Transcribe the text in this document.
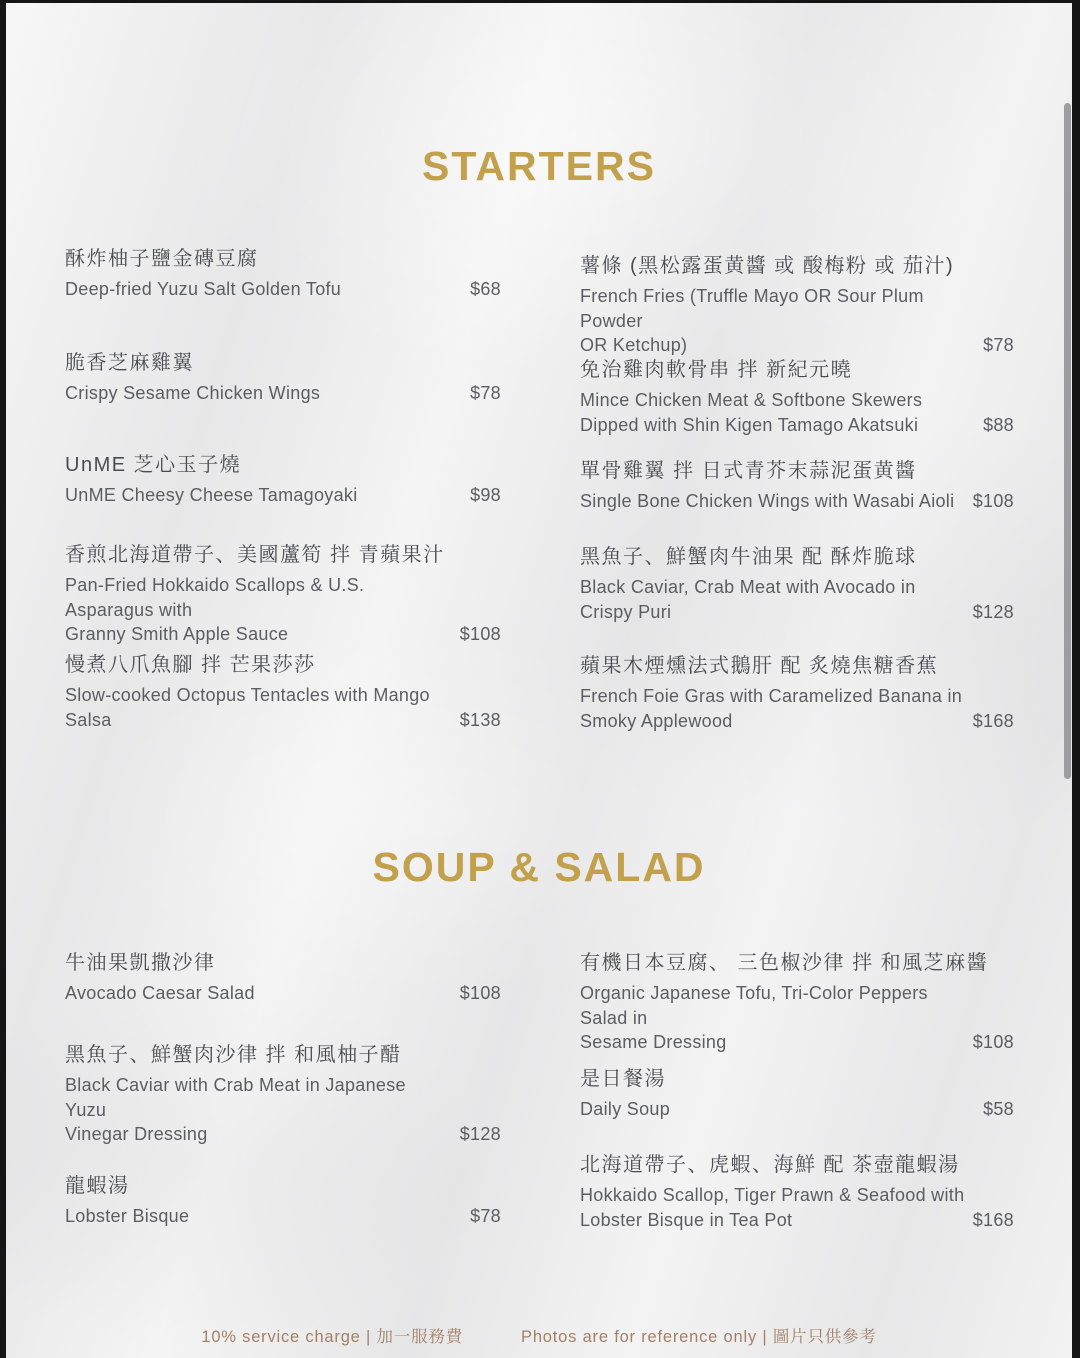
STARTERS
酥炸柚子鹽金磚豆腐
Deep-fried Yuzu Salt Golden Tofu	$68
脆香芝麻雞翼
Crispy Sesame Chicken Wings	$78
UnME 芝心玉子燒
UnME Cheesy Cheese Tamagoyaki	$98
香煎北海道帶子、美國蘆筍 拌 青蘋果汁
Pan-Fried Hokkaido Scallops & U.S. Asparagus with
Granny Smith Apple Sauce	$108
慢煮八爪魚腳 拌 芒果莎莎
Slow-cooked Octopus Tentacles with Mango
Salsa	$138
薯條 (黑松露蛋黄醬 或 酸梅粉 或 茄汁)
French Fries (Truffle Mayo OR Sour Plum Powder
OR Ketchup)	$78
免治雞肉軟骨串 拌 新紀元曉
Mince Chicken Meat & Softbone Skewers
Dipped with Shin Kigen Tamago Akatsuki	$88
單骨雞翼 拌 日式青芥末蒜泥蛋黄醬
Single Bone Chicken Wings with Wasabi Aioli	$108
黑魚子、鮮蟹肉牛油果 配 酥炸脆球
Black Caviar, Crab Meat with Avocado in
Crispy Puri	$128
蘋果木煙燻法式鵝肝 配 炙燒焦糖香蕉
French Foie Gras with Caramelized Banana in
Smoky Applewood	$168
SOUP & SALAD
牛油果凱撒沙律
Avocado Caesar Salad	$108
黑魚子、鮮蟹肉沙律 拌 和風柚子醋
Black Caviar with Crab Meat in Japanese Yuzu
Vinegar Dressing	$128
龍蝦湯
Lobster Bisque	$78
有機日本豆腐、 三色椒沙律 拌 和風芝麻醬
Organic Japanese Tofu, Tri-Color Peppers Salad in
Sesame Dressing	$108
是日餐湯
Daily Soup	$58
北海道帶子、虎蝦、海鮮 配 茶壺龍蝦湯
Hokkaido Scallop, Tiger Prawn & Seafood with
Lobster Bisque in Tea Pot	$168
10% service charge | 加一服務費	Photos are for reference only | 圖片只供參考
